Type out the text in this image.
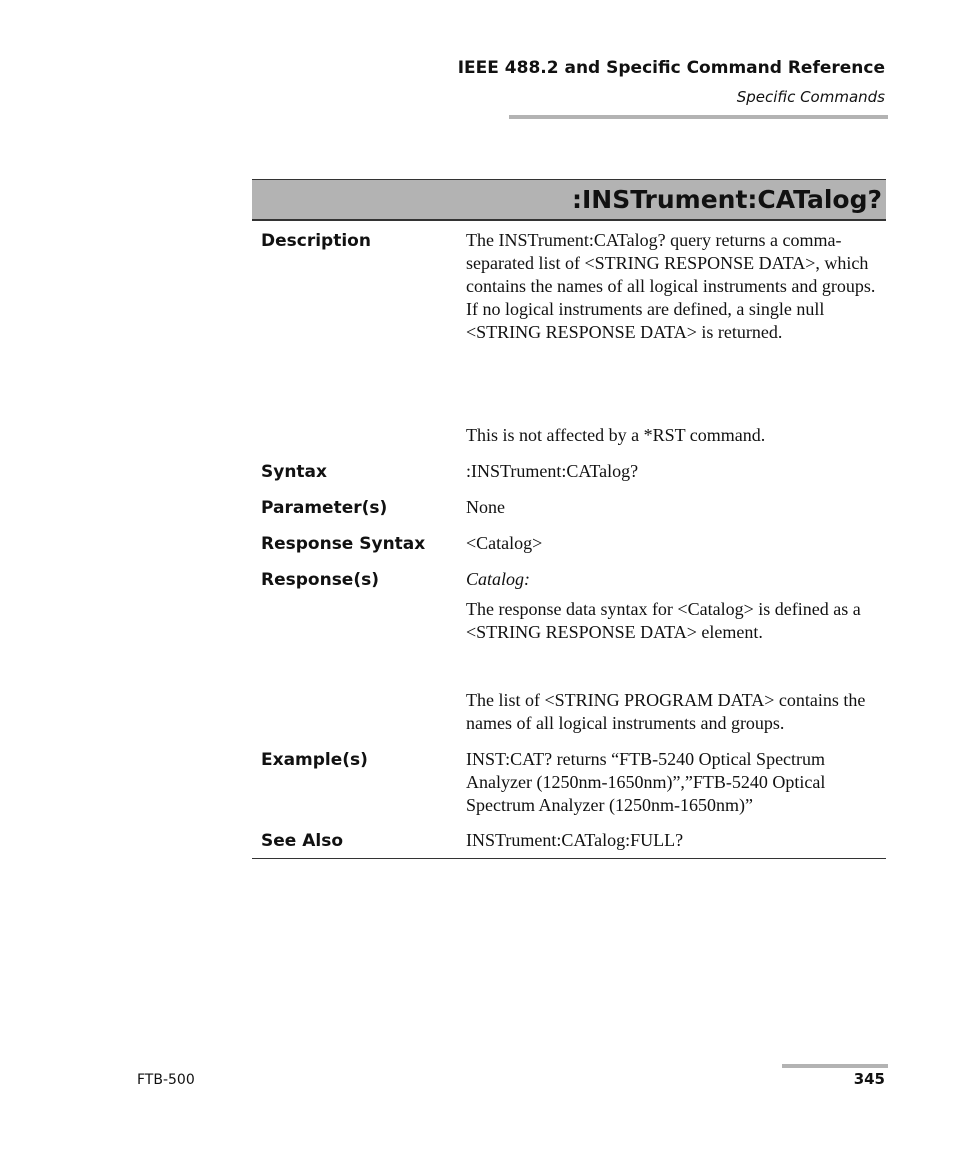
IEEE 488.2 and Specific Command Reference
Specific Commands
:INSTrument:CATalog?
Description	The INSTrument:CATalog? query returns a comma-separated list of <STRING RESPONSE DATA>, which contains the names of all logical instruments and groups. If no logical instruments are defined, a single null <STRING RESPONSE DATA> is returned.
This is not affected by a *RST command.
Syntax	:INSTrument:CATalog?
Parameter(s)	None
Response Syntax <Catalog>
Response(s)	Catalog:
The response data syntax for <Catalog> is defined as a <STRING RESPONSE DATA> element.
The list of <STRING PROGRAM DATA> contains the names of all logical instruments and groups.
Example(s)	INST:CAT? returns “FTB-5240 Optical Spectrum Analyzer (1250nm-1650nm)”,”FTB-5240 Optical Spectrum Analyzer (1250nm-1650nm)”
See Also	INSTrument:CATalog:FULL?
FTB-500	345
